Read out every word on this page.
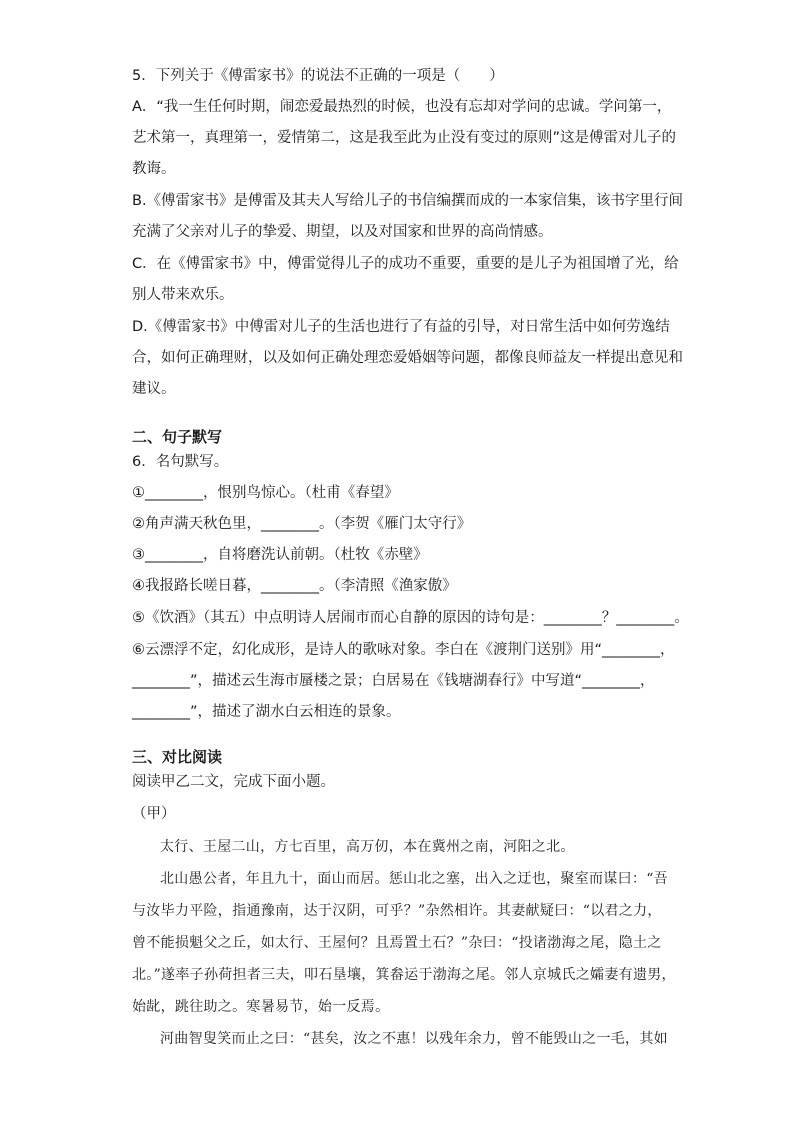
5．下列关于《傅雷家书》的说法不正确的一项是（　　）
A．“我一生任何时期，闹恋爱最热烈的时候，也没有忘却对学问的忠诚。学问第一，
艺术第一，真理第一，爱情第二，这是我至此为止没有变过的原则”这是傅雷对儿子的
教诲。
B.《傅雷家书》是傅雷及其夫人写给儿子的书信编撰而成的一本家信集，该书字里行间
充满了父亲对儿子的挚爱、期望，以及对国家和世界的高尚情感。
C．在《傅雷家书》中，傅雷觉得儿子的成功不重要，重要的是儿子为祖国增了光，给
别人带来欢乐。
D.《傅雷家书》中傅雷对儿子的生活也进行了有益的引导，对日常生活中如何劳逸结
合，如何正确理财，以及如何正确处理恋爱婚姻等问题，都像良师益友一样提出意见和
建议。
二、句子默写
6．名句默写。
①________，恨别鸟惊心。（杜甫《春望》
②角声满天秋色里，________。（李贺《雁门太守行》
③________，自将磨洗认前朝。（杜牧《赤壁》
④我报路长嗟日暮，________。（李清照《渔家傲》
⑤《饮酒》（其五）中点明诗人居闹市而心自静的原因的诗句是：________？________。
⑥云漂浮不定，幻化成形，是诗人的歌咏对象。李白在《渡荆门送别》用“________，
________”，描述云生海市蜃楼之景；白居易在《钱塘湖春行》中写道“________，
________”，描述了湖水白云相连的景象。
三、对比阅读
阅读甲乙二文，完成下面小题。
（甲）
太行、王屋二山，方七百里，高万仞，本在冀州之南，河阳之北。
北山愚公者，年且九十，面山而居。惩山北之塞，出入之迂也，聚室而谋曰：“吾
与汝毕力平险，指通豫南，达于汉阴，可乎？”杂然相许。其妻献疑曰：“以君之力，
曾不能损魁父之丘，如太行、王屋何？且焉置土石？”杂曰：“投诸渤海之尾，隐土之
北。”遂率子孙荷担者三夫，叩石垦壤，箕畚运于渤海之尾。邻人京城氏之孀妻有遗男，
始龀，跳往助之。寒暑易节，始一反焉。
河曲智叟笑而止之曰：“甚矣，汝之不惠！以残年余力，曾不能毁山之一毛，其如
